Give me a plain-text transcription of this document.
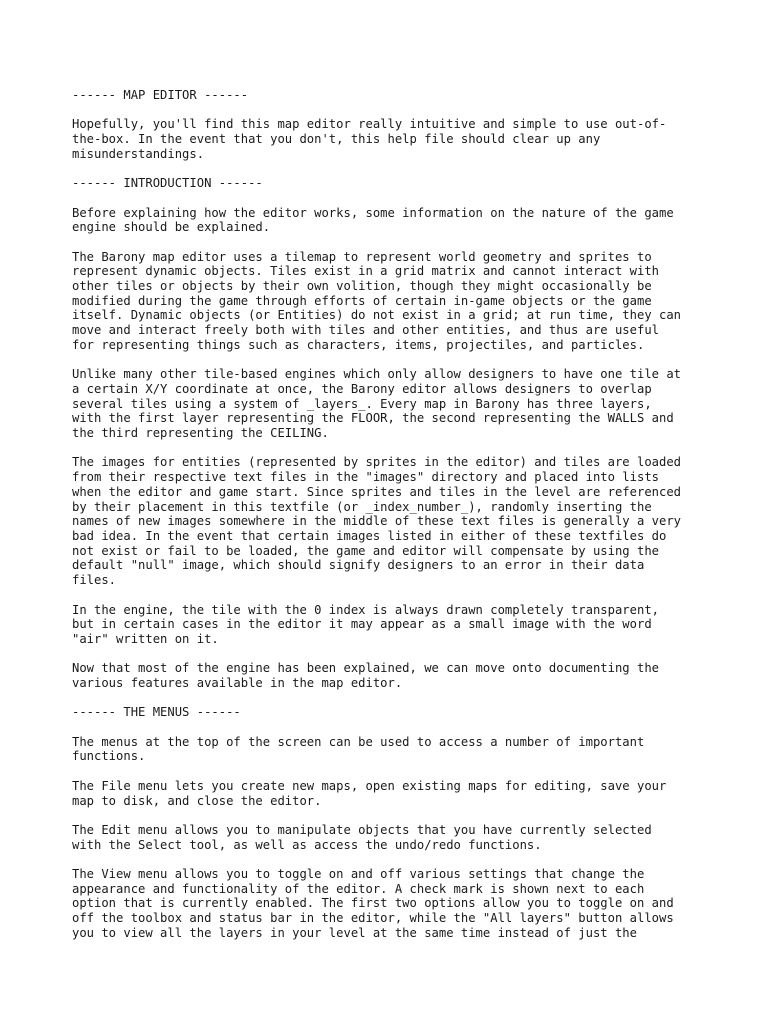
------ MAP EDITOR ------

Hopefully, you'll find this map editor really intuitive and simple to use out-of-
the-box. In the event that you don't, this help file should clear up any
misunderstandings.

------ INTRODUCTION ------

Before explaining how the editor works, some information on the nature of the game
engine should be explained.

The Barony map editor uses a tilemap to represent world geometry and sprites to
represent dynamic objects. Tiles exist in a grid matrix and cannot interact with
other tiles or objects by their own volition, though they might occasionally be
modified during the game through efforts of certain in-game objects or the game
itself. Dynamic objects (or Entities) do not exist in a grid; at run time, they can
move and interact freely both with tiles and other entities, and thus are useful
for representing things such as characters, items, projectiles, and particles.

Unlike many other tile-based engines which only allow designers to have one tile at
a certain X/Y coordinate at once, the Barony editor allows designers to overlap
several tiles using a system of _layers_. Every map in Barony has three layers,
with the first layer representing the FLOOR, the second representing the WALLS and
the third representing the CEILING.

The images for entities (represented by sprites in the editor) and tiles are loaded
from their respective text files in the "images" directory and placed into lists
when the editor and game start. Since sprites and tiles in the level are referenced
by their placement in this textfile (or _index_number_), randomly inserting the
names of new images somewhere in the middle of these text files is generally a very
bad idea. In the event that certain images listed in either of these textfiles do
not exist or fail to be loaded, the game and editor will compensate by using the
default "null" image, which should signify designers to an error in their data
files.

In the engine, the tile with the 0 index is always drawn completely transparent,
but in certain cases in the editor it may appear as a small image with the word
"air" written on it.

Now that most of the engine has been explained, we can move onto documenting the
various features available in the map editor.

------ THE MENUS ------

The menus at the top of the screen can be used to access a number of important
functions.

The File menu lets you create new maps, open existing maps for editing, save your
map to disk, and close the editor.

The Edit menu allows you to manipulate objects that you have currently selected
with the Select tool, as well as access the undo/redo functions.

The View menu allows you to toggle on and off various settings that change the
appearance and functionality of the editor. A check mark is shown next to each
option that is currently enabled. The first two options allow you to toggle on and
off the toolbox and status bar in the editor, while the "All layers" button allows
you to view all the layers in your level at the same time instead of just the
